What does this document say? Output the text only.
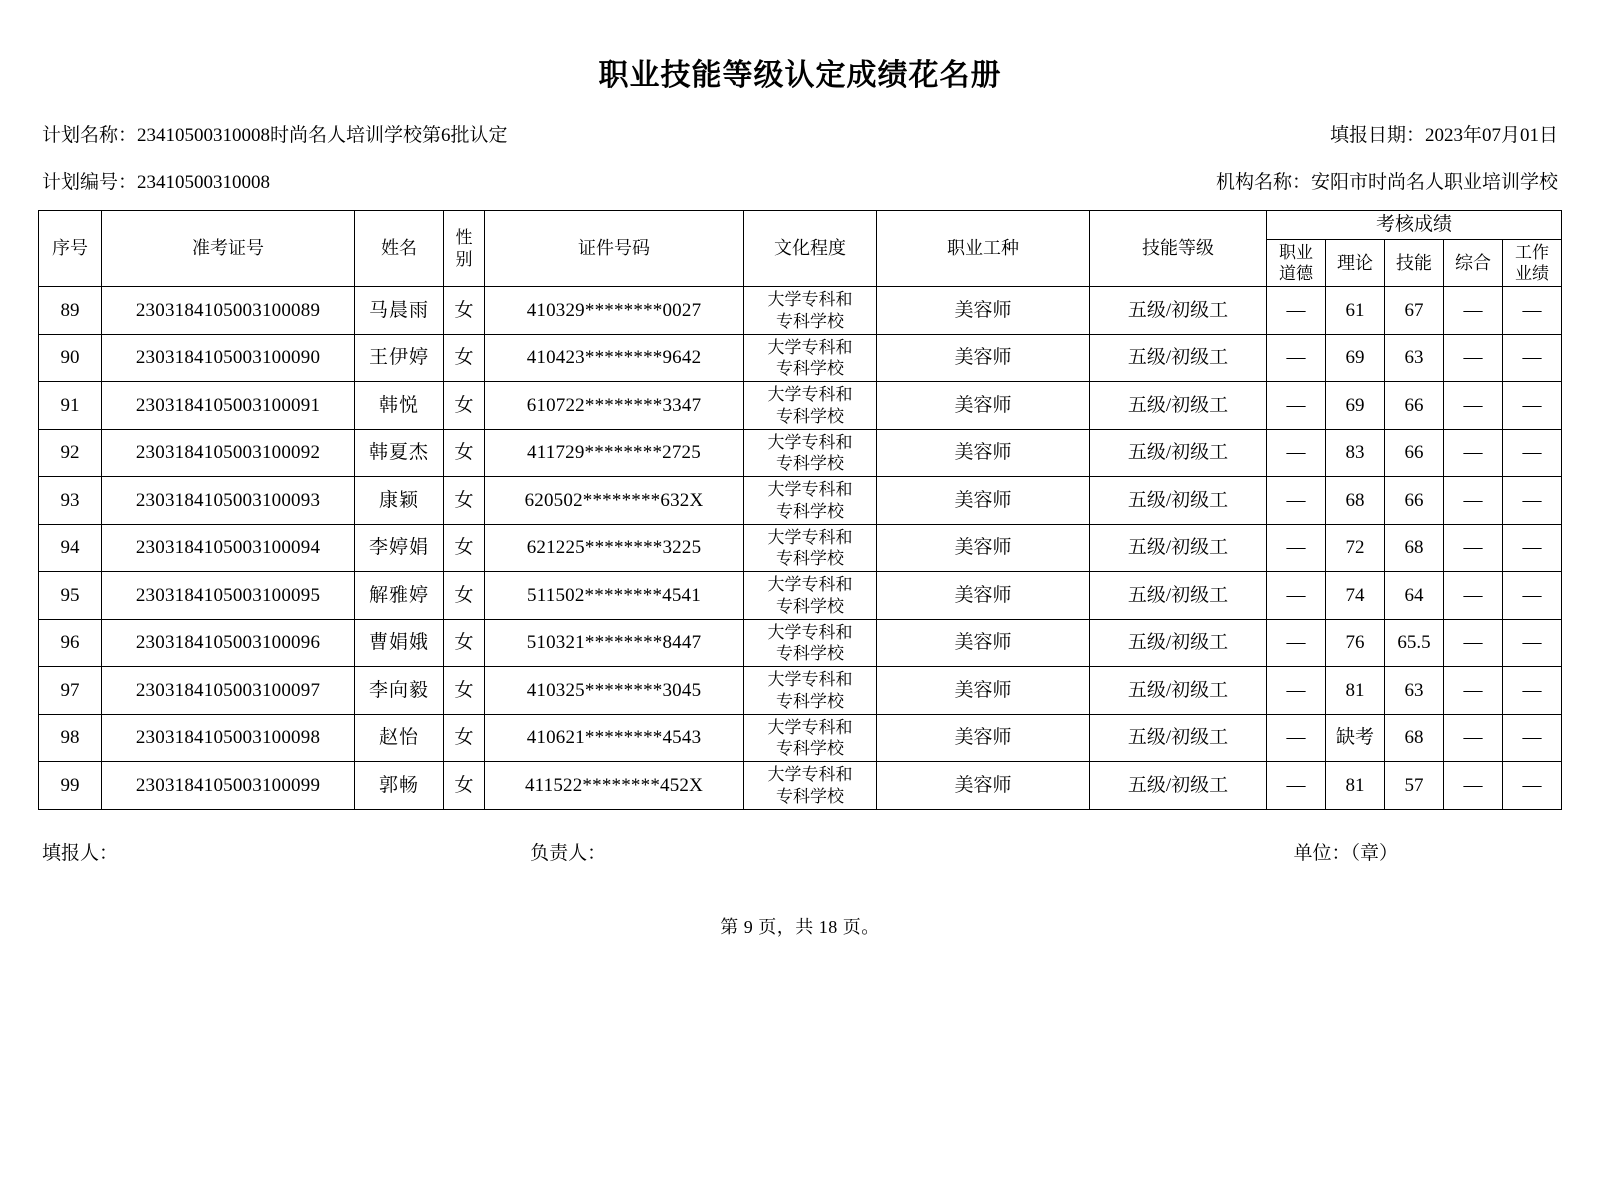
职业技能等级认定成绩花名册
计划名称：23410500310008时尚名人培训学校第6批认定	填报日期：2023年07月01日
计划编号：23410500310008	机构名称：安阳市时尚名人职业培训学校
序号	准考证号	姓名	性
别	证件号码	文化程度	职业工种	技能等级	考核成绩				

								职业
道德	理论	技能	综合	工作
业绩

89	2303184105003100089	马晨雨	女	410329********0027	大学专科和
专科学校	美容师	五级/初级工	—	61	67	—	—
90	2303184105003100090	王伊婷	女	410423********9642	大学专科和
专科学校	美容师	五级/初级工	—	69	63	—	—
91	2303184105003100091	韩悦	女	610722********3347	大学专科和
专科学校	美容师	五级/初级工	—	69	66	—	—
92	2303184105003100092	韩夏杰	女	411729********2725	大学专科和
专科学校	美容师	五级/初级工	—	83	66	—	—
93	2303184105003100093	康颖	女	620502********632X	大学专科和
专科学校	美容师	五级/初级工	—	68	66	—	—
94	2303184105003100094	李婷娟	女	621225********3225	大学专科和
专科学校	美容师	五级/初级工	—	72	68	—	—
95	2303184105003100095	解雅婷	女	511502********4541	大学专科和
专科学校	美容师	五级/初级工	—	74	64	—	—
96	2303184105003100096	曹娟娥	女	510321********8447	大学专科和
专科学校	美容师	五级/初级工	—	76	65.5	—	—
97	2303184105003100097	李向毅	女	410325********3045	大学专科和
专科学校	美容师	五级/初级工	—	81	63	—	—
98	2303184105003100098	赵怡	女	410621********4543	大学专科和
专科学校	美容师	五级/初级工	—	缺考	68	—	—
99	2303184105003100099	郭畅	女	411522********452X	大学专科和
专科学校	美容师	五级/初级工	—	81	57	—	—
填报人：	负责人：	单位：（章）
第 9 页，共 18 页。
